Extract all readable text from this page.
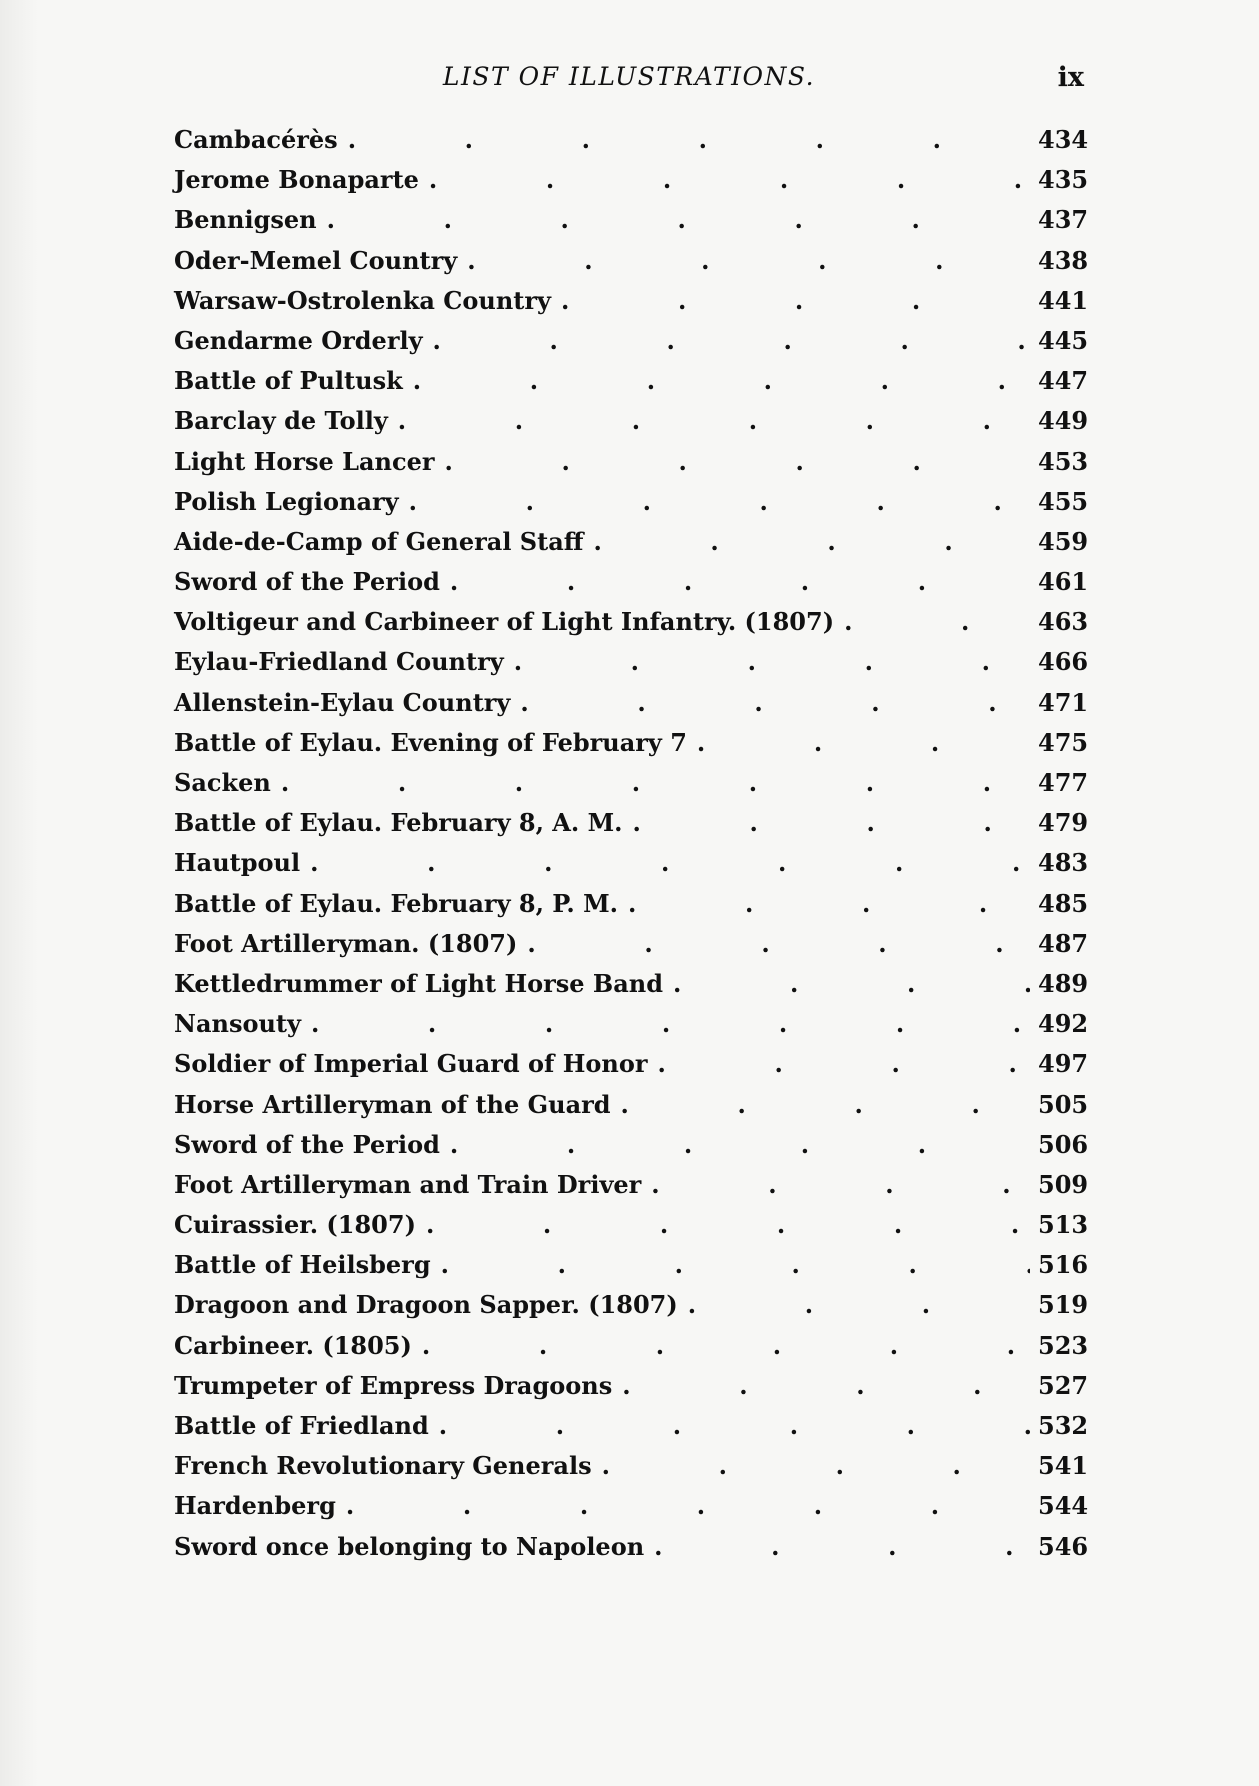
LIST OF ILLUSTRATIONS.	ix
Cambacérès .	434
Jerome Bonaparte .	435
Bennigsen .	437
Oder-Memel Country .	438
Warsaw-Ostrolenka Country .	441
Gendarme Orderly .	445
Battle of Pultusk .	447
Barclay de Tolly .	449
Light Horse Lancer .	453
Polish Legionary .	455
Aide-de-Camp of General Staff .	459
Sword of the Period .	461
Voltigeur and Carbineer of Light Infantry. (1807) .	463
Eylau-Friedland Country .	466
Allenstein-Eylau Country .	471
Battle of Eylau. Evening of February 7 .	475
Sacken .	477
Battle of Eylau. February 8, A. M. .	479
Hautpoul .	483
Battle of Eylau. February 8, P. M. .	485
Foot Artilleryman. (1807) .	487
Kettledrummer of Light Horse Band .	489
Nansouty .	492
Soldier of Imperial Guard of Honor .	497
Horse Artilleryman of the Guard .	505
Sword of the Period .	506
Foot Artilleryman and Train Driver .	509
Cuirassier. (1807) .	513
Battle of Heilsberg .	516
Dragoon and Dragoon Sapper. (1807) .	519
Carbineer. (1805) .	523
Trumpeter of Empress Dragoons .	527
Battle of Friedland .	532
French Revolutionary Generals .	541
Hardenberg .	544
Sword once belonging to Napoleon .	546
